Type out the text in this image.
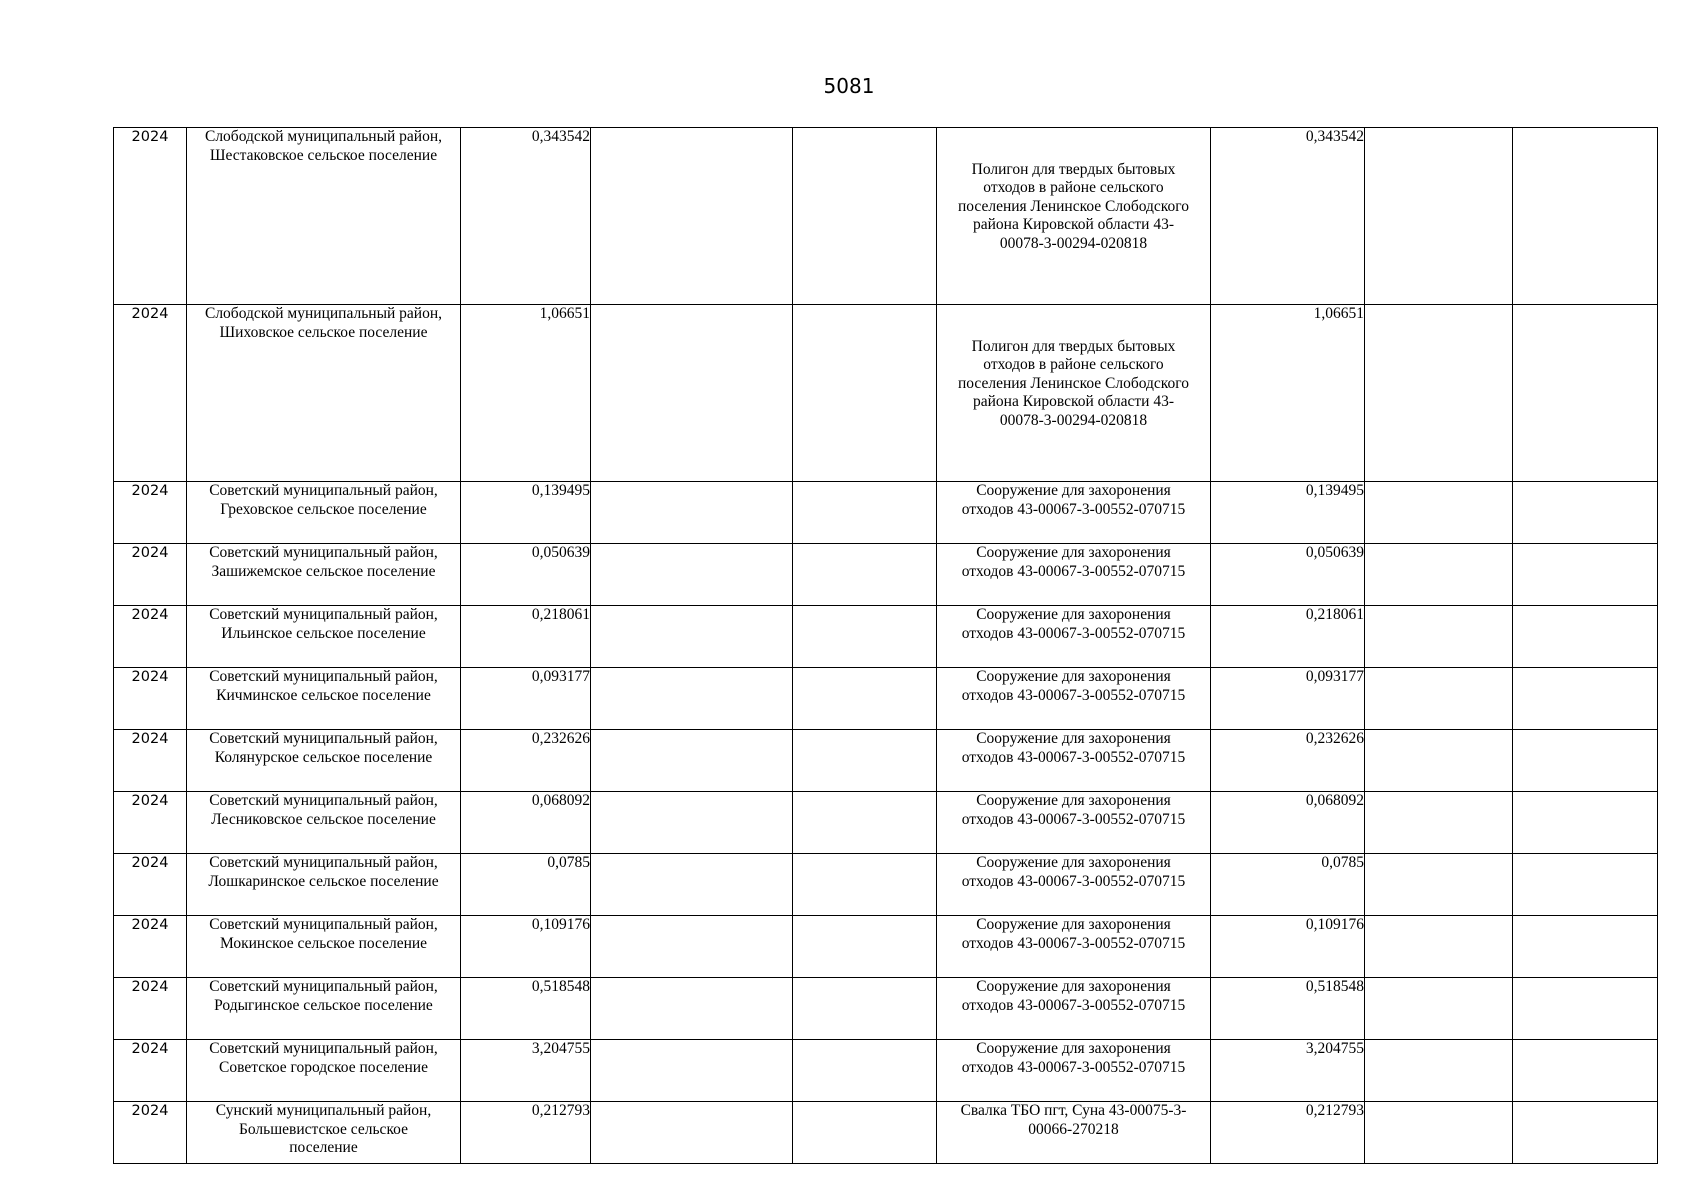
5081
2024	Слободской муниципальный район,
Шестаковское сельское поселение	0,343542			Полигон для твердых бытовых
отходов в районе сельского
поселения Ленинское Слободского
района Кировской области 43-
00078-3-00294-020818	0,343542		
2024	Слободской муниципальный район,
Шиховское сельское поселение	1,06651			Полигон для твердых бытовых
отходов в районе сельского
поселения Ленинское Слободского
района Кировской области 43-
00078-3-00294-020818	1,06651		
2024	Советский муниципальный район,
Греховское сельское поселение	0,139495			Сооружение для захоронения
отходов 43-00067-3-00552-070715	0,139495		
2024	Советский муниципальный район,
Зашижемское сельское поселение	0,050639			Сооружение для захоронения
отходов 43-00067-3-00552-070715	0,050639		
2024	Советский муниципальный район,
Ильинское сельское поселение	0,218061			Сооружение для захоронения
отходов 43-00067-3-00552-070715	0,218061		
2024	Советский муниципальный район,
Кичминское сельское поселение	0,093177			Сооружение для захоронения
отходов 43-00067-3-00552-070715	0,093177		
2024	Советский муниципальный район,
Колянурское сельское поселение	0,232626			Сооружение для захоронения
отходов 43-00067-3-00552-070715	0,232626		
2024	Советский муниципальный район,
Лесниковское сельское поселение	0,068092			Сооружение для захоронения
отходов 43-00067-3-00552-070715	0,068092		
2024	Советский муниципальный район,
Лошкаринское сельское поселение	0,0785			Сооружение для захоронения
отходов 43-00067-3-00552-070715	0,0785		
2024	Советский муниципальный район,
Мокинское сельское поселение	0,109176			Сооружение для захоронения
отходов 43-00067-3-00552-070715	0,109176		
2024	Советский муниципальный район,
Родыгинское сельское поселение	0,518548			Сооружение для захоронения
отходов 43-00067-3-00552-070715	0,518548		
2024	Советский муниципальный район,
Советское городское поселение	3,204755			Сооружение для захоронения
отходов 43-00067-3-00552-070715	3,204755		
2024	Сунский муниципальный район,
Большевистское сельское
поселение	0,212793			Свалка ТБО пгт, Суна 43-00075-3-
00066-270218	0,212793		
